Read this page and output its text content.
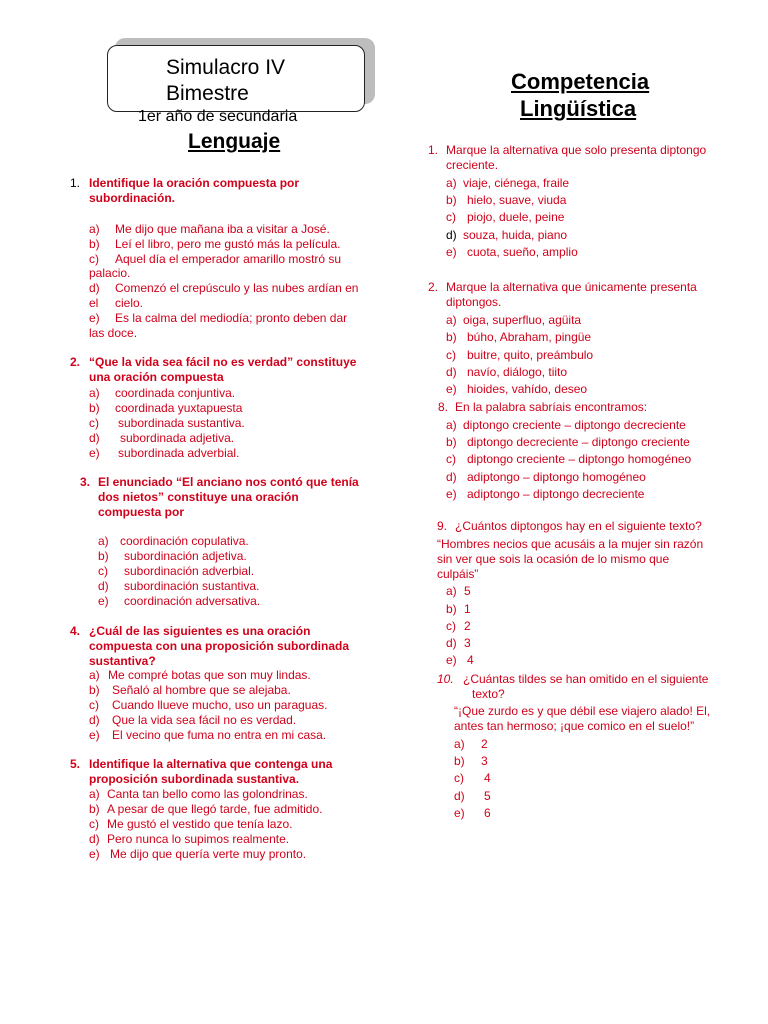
Simulacro IV
Bimestre
1er año de secundaria
Lenguaje
Competencia
Lingüística
1. Identifique la oración compuesta por
subordinación.
a) Me dijo que mañana iba a visitar a José.
b) Leí el libro, pero me gustó más la película.
c) Aquel día el emperador amarillo mostró su
palacio.
d) Comenzó el crepúsculo y las nubes ardían en
el cielo.
e) Es la calma del mediodía; pronto deben dar
las doce.
2. “Que la vida sea fácil no es verdad” constituye
una oración compuesta
a) coordinada conjuntiva.
b) coordinada yuxtapuesta
c) subordinada sustantiva.
d) subordinada adjetiva.
e) subordinada adverbial.
3. El enunciado “El anciano nos contó que tenía
dos nietos” constituye una oración
compuesta por
a) coordinación copulativa.
b) subordinación adjetiva.
c) subordinación adverbial.
d) subordinación sustantiva.
e) coordinación adversativa.
4. ¿Cuál de las siguientes es una oración
compuesta con una proposición subordinada
sustantiva?
a) Me compré botas que son muy lindas.
b) Señaló al hombre que se alejaba.
c) Cuando llueve mucho, uso un paraguas.
d) Que la vida sea fácil no es verdad.
e) El vecino que fuma no entra en mi casa.
5. Identifique la alternativa que contenga una
proposición subordinada sustantiva.
a) Canta tan bello como las golondrinas.
b) A pesar de que llegó tarde, fue admitido.
c) Me gustó el vestido que tenía lazo.
d) Pero nunca lo supimos realmente.
e) Me dijo que quería verte muy pronto.
1. Marque la alternativa que solo presenta diptongo
creciente.
a) viaje, ciénega, fraile
b) hielo, suave, viuda
c) piojo, duele, peine
d) souza, huida, piano
e) cuota, sueño, amplio
2. Marque la alternativa que únicamente presenta
diptongos.
a) oiga, superfluo, agüita
b) búho, Abraham, pingüe
c) buitre, quito, preámbulo
d) navío, diálogo, tiito
e) hioides, vahído, deseo
8. En la palabra sabríais encontramos:
a) diptongo creciente – diptongo decreciente
b) diptongo decreciente – diptongo creciente
c) diptongo creciente – diptongo homogéneo
d) adiptongo – diptongo homogéneo
e) adiptongo – diptongo decreciente
9. ¿Cuántos diptongos hay en el siguiente texto?
“Hombres necios que acusáis a la mujer sin razón
sin ver que sois la ocasión de lo mismo que
culpáis”
a) 5
b) 1
c) 2
d) 3
e) 4
10. ¿Cuántas tildes se han omitido en el siguiente
texto?
“¡Que zurdo es y que débil ese viajero alado! El,
antes tan hermoso; ¡que comico en el suelo!”
a) 2
b) 3
c) 4
d) 5
e) 6
